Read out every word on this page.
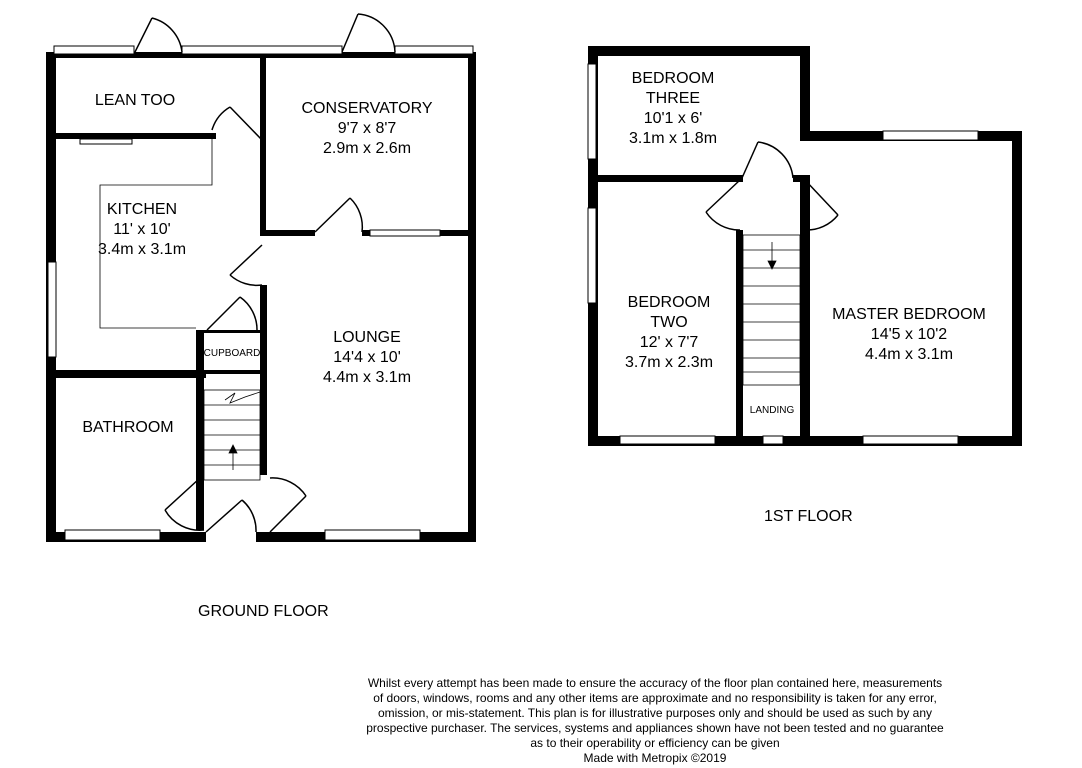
LEAN TOO	CONSERVATORY
9'7 x 8'7
2.9m x 2.6m
KITCHEN
11' x 10'
3.4m x 3.1m
CUPBOARD
LOUNGE
14'4 x 10'
4.4m x 3.1m
BATHROOM
BEDROOM
THREE
10'1 x 6'
3.1m x 1.8m
BEDROOM
TWO
12' x 7'7
3.7m x 2.3m
MASTER BEDROOM
14'5 x 10'2
4.4m x 3.1m
LANDING
GROUND FLOOR
1ST FLOOR
Whilst every attempt has been made to ensure the accuracy of the floor plan contained here, measurements
of doors, windows, rooms and any other items are approximate and no responsibility is taken for any error,
omission, or mis-statement. This plan is for illustrative purposes only and should be used as such by any
prospective purchaser. The services, systems and appliances shown have not been tested and no guarantee
as to their operability or efficiency can be given
Made with Metropix ©2019
